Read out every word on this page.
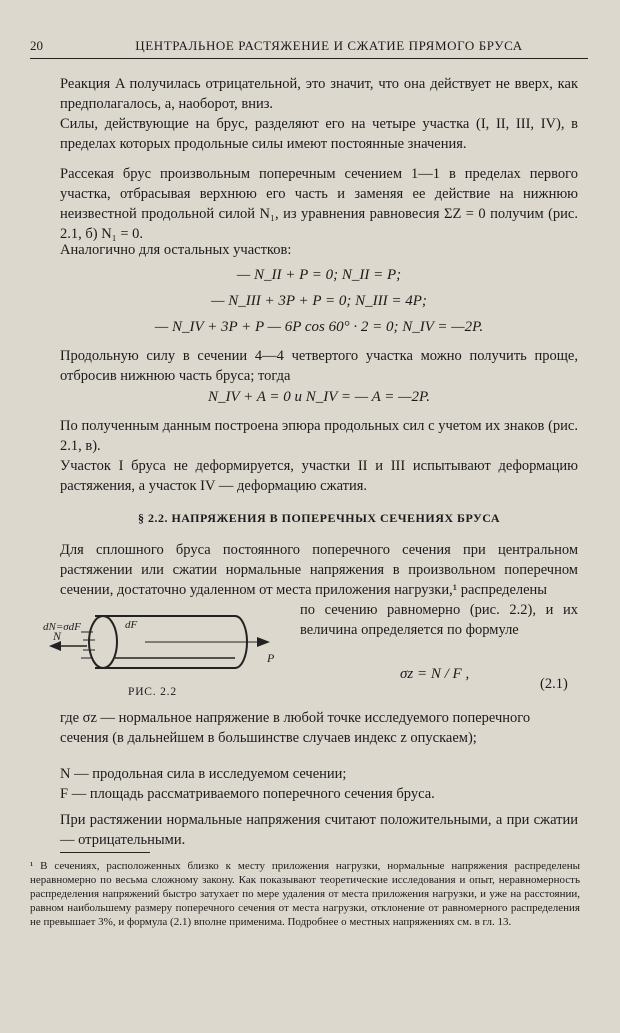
20	ЦЕНТРАЛЬНОЕ РАСТЯЖЕНИЕ И СЖАТИЕ ПРЯМОГО БРУСА
Реакция A получилась отрицательной, это значит, что она действует не вверх, как предполагалось, а, наоборот, вниз.
Силы, действующие на брус, разделяют его на четыре участка (I, II, III, IV), в пределах которых продольные силы имеют постоянные значения.
Рассекая брус произвольным поперечным сечением 1—1 в пределах первого участка, отбрасывая верхнюю его часть и заменяя ее действие на нижнюю неизвестной продольной силой N₁, из уравнения равновесия ΣZ = 0 получим (рис. 2.1, б) N₁ = 0.
Аналогично для остальных участков:
— N_II + P = 0; N_II = P;
— N_III + 3P + P = 0; N_III = 4P;
— N_IV + 3P + P — 6P cos 60° · 2 = 0; N_IV = —2P.
Продольную силу в сечении 4—4 четвертого участка можно получить проще, отбросив нижнюю часть бруса; тогда
N_IV + A = 0 и N_IV = — A = —2P.
По полученным данным построена эпюра продольных сил с учетом их знаков (рис. 2.1, в).
Участок I бруса не деформируется, участки II и III испытывают деформацию растяжения, а участок IV — деформацию сжатия.
§ 2.2. НАПРЯЖЕНИЯ В ПОПЕРЕЧНЫХ СЕЧЕНИЯХ БРУСА
Для сплошного бруса постоянного поперечного сечения при центральном растяжении или сжатии нормальные напряжения в произвольном поперечном сечении, достаточно удаленном от места приложения нагрузки,¹ распределены
по сечению равномерно (рис. 2.2), и их величина определяется по формуле
dN=σdF	dF
N
P
РИС. 2.2
σz = N / F ,
(2.1)
где σz — нормальное напряжение в любой точке исследуемого поперечного сечения (в дальнейшем в большинстве случаев индекс z опускаем);
N — продольная сила в исследуемом сечении;
F — площадь рассматриваемого поперечного сечения бруса.
При растяжении нормальные напряжения считают положительными, а при сжатии — отрицательными.
¹ В сечениях, расположенных близко к месту приложения нагрузки, нормальные напряжения распределены неравномерно по весьма сложному закону. Как показывают теоретические исследования и опыт, неравномерность распределения напряжений быстро затухает по мере удаления от места приложения нагрузки, и уже на расстоянии, равном наибольшему размеру поперечного сечения от места нагрузки, отклонение от равномерного распределения не превышает 3%, и формула (2.1) вполне применима. Подробнее о местных напряжениях см. в гл. 13.
